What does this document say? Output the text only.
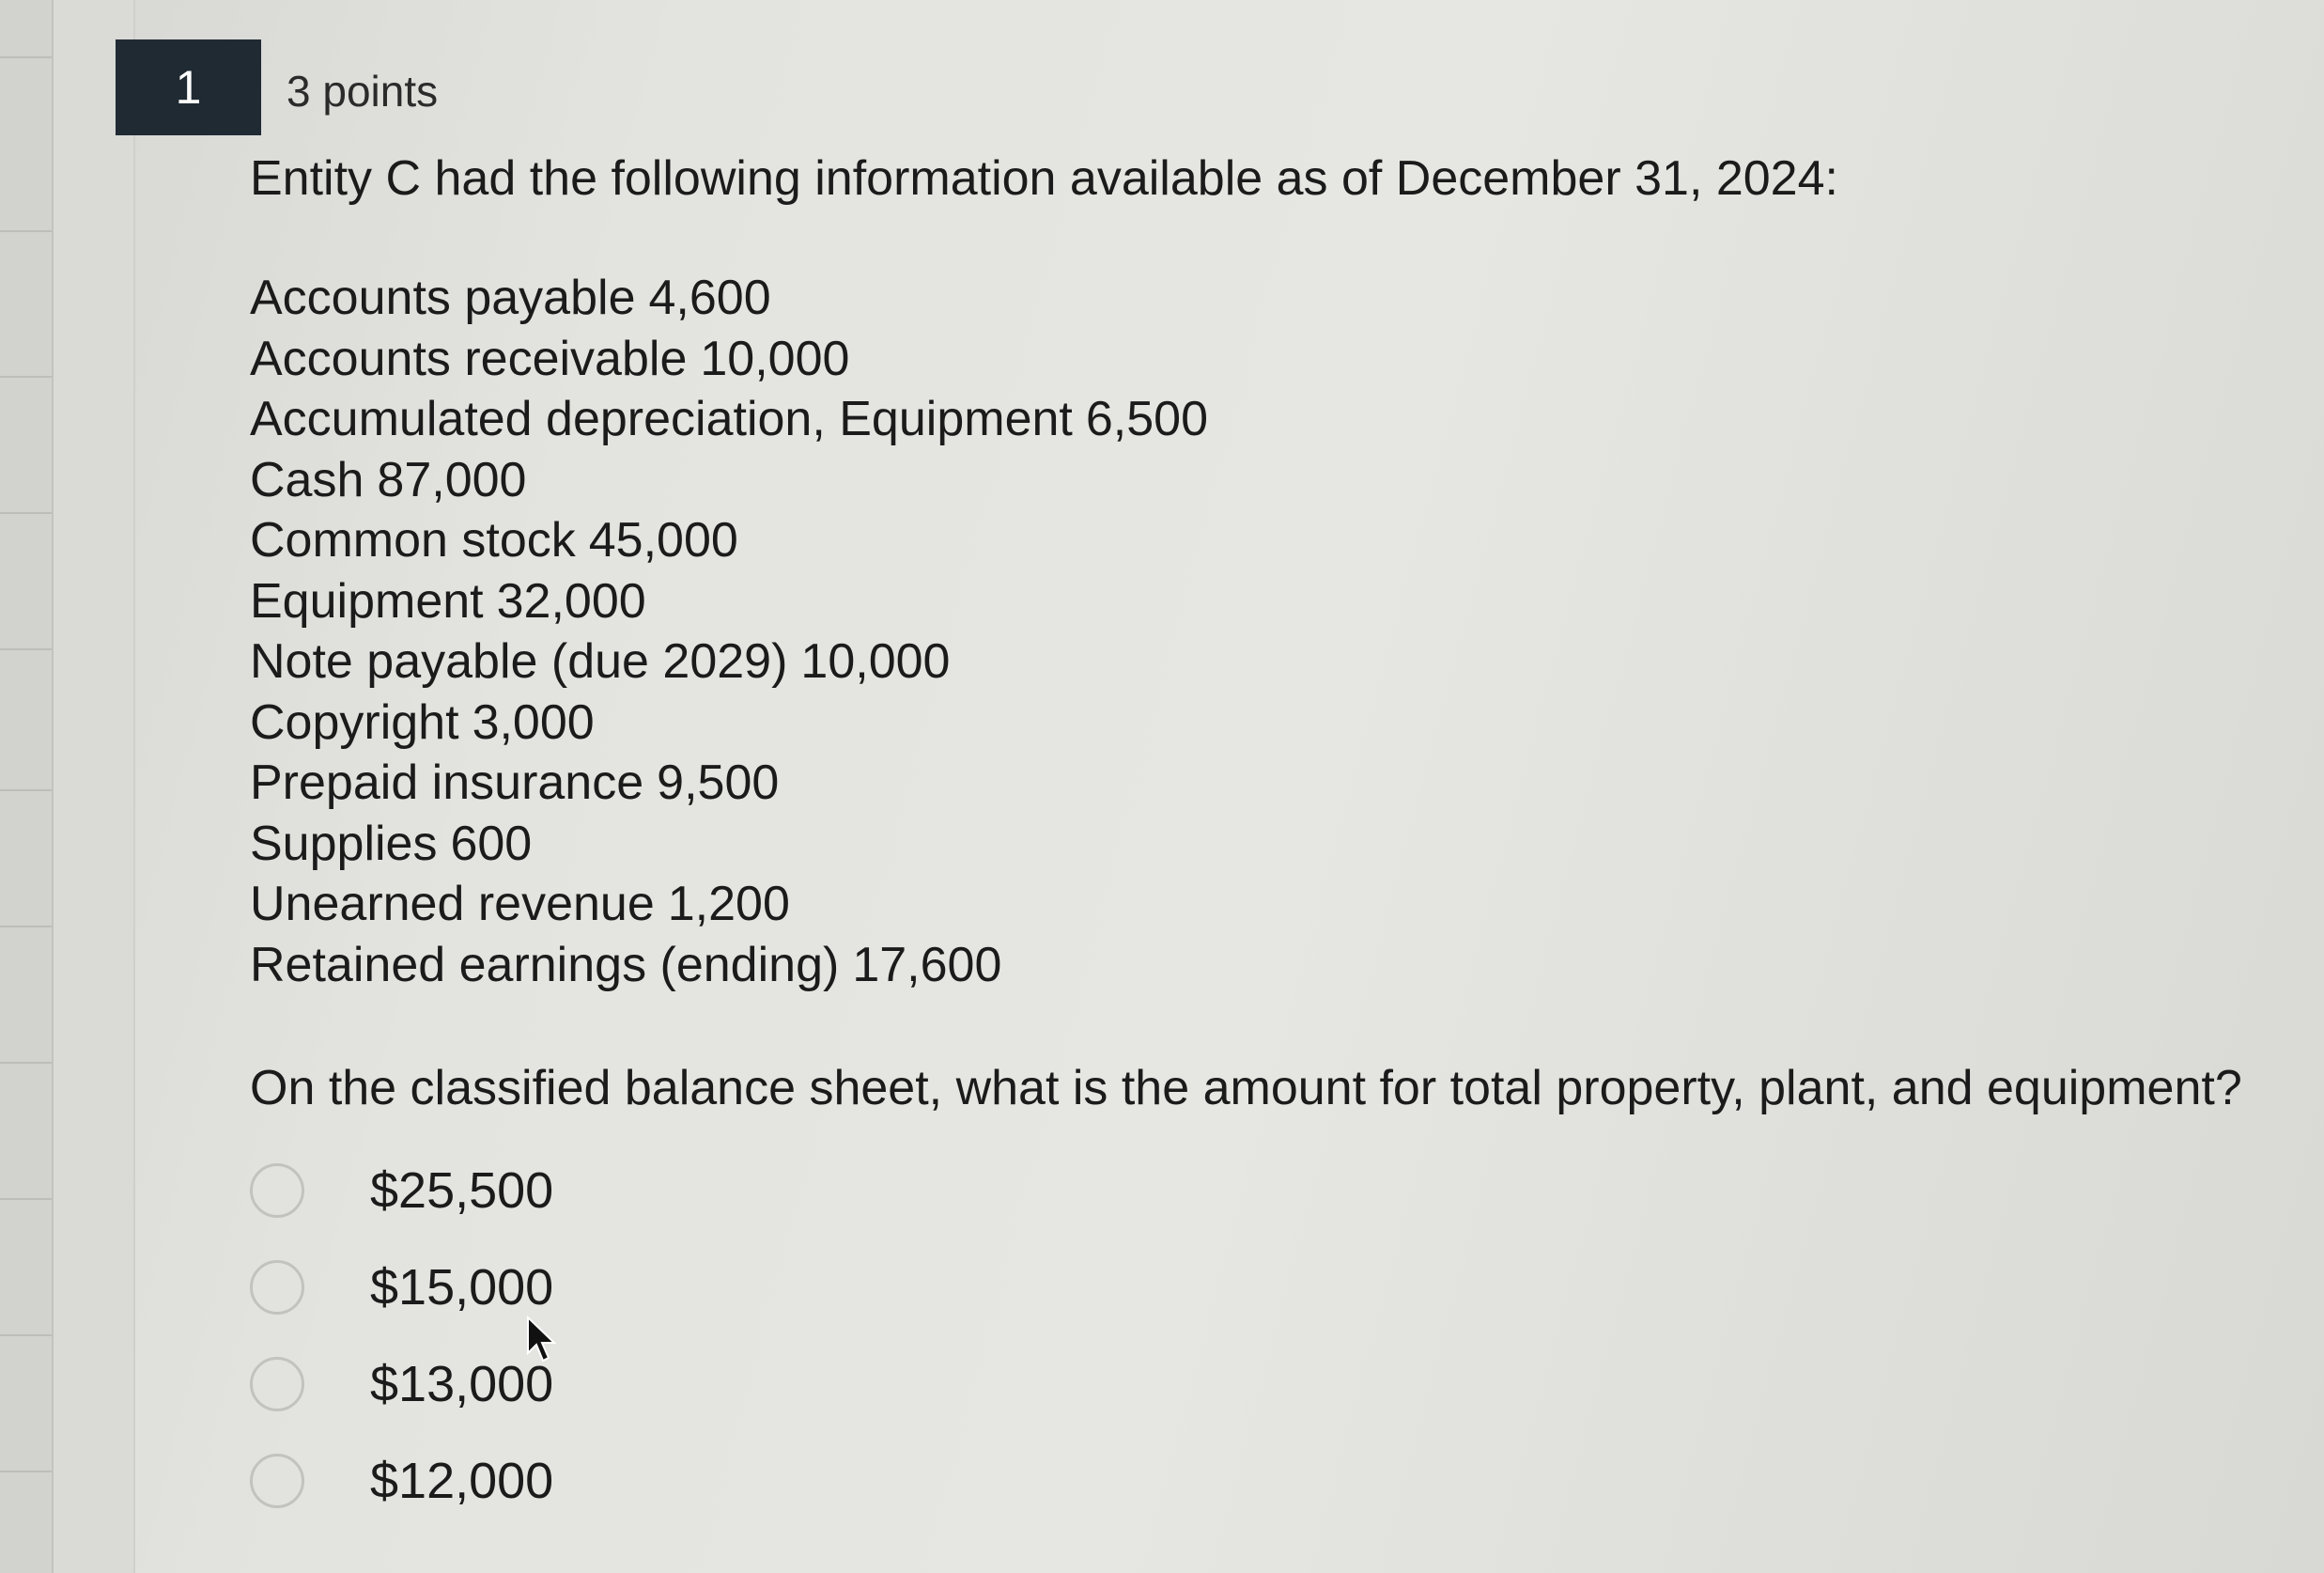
1	3 points
Entity C had the following information available as of December 31, 2024:
Accounts payable 4,600
Accounts receivable 10,000
Accumulated depreciation, Equipment 6,500
Cash 87,000
Common stock 45,000
Equipment 32,000
Note payable (due 2029) 10,000
Copyright 3,000
Prepaid insurance 9,500
Supplies 600
Unearned revenue 1,200
Retained earnings (ending) 17,600
On the classified balance sheet, what is the amount for total property, plant, and equipment?
$25,500
$15,000
$13,000
$12,000
